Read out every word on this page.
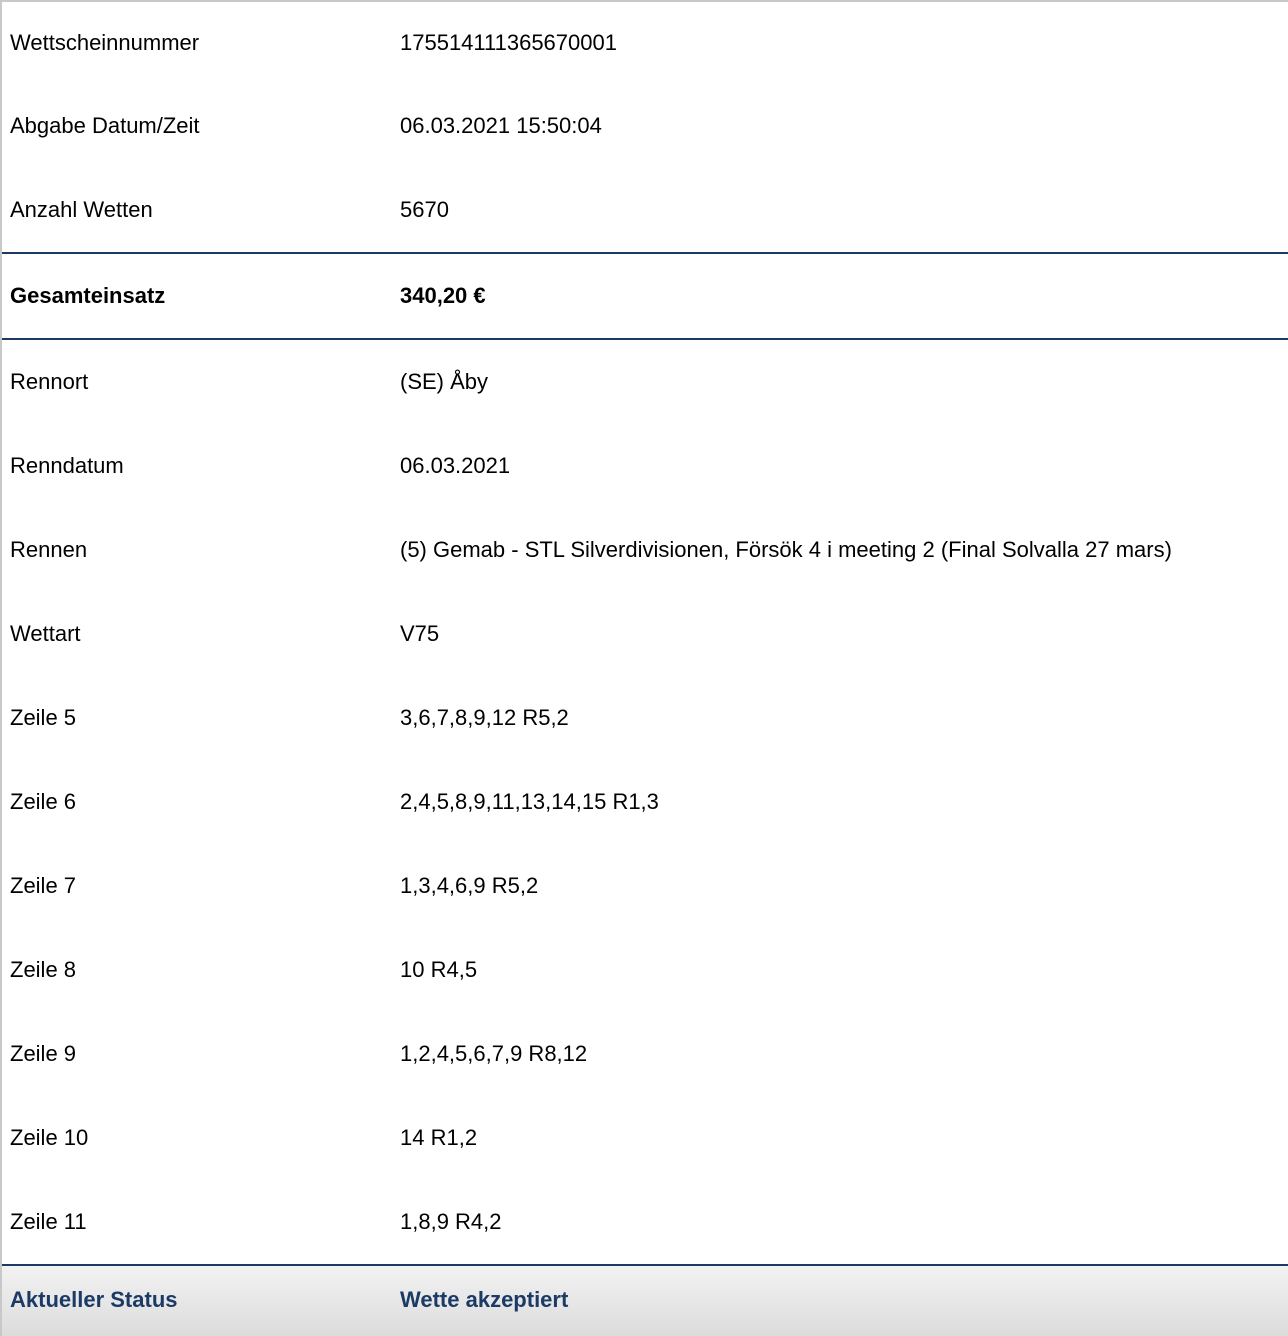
Wettscheinnummer	175514111365670001
Abgabe Datum/Zeit	06.03.2021 15:50:04
Anzahl Wetten	5670
Gesamteinsatz	340,20 €
Rennort	(SE) Åby
Renndatum	06.03.2021
Rennen	(5) Gemab - STL Silverdivisionen, Försök 4 i meeting 2 (Final Solvalla 27 mars)
Wettart	V75
Zeile 5	3,6,7,8,9,12 R5,2
Zeile 6	2,4,5,8,9,11,13,14,15 R1,3
Zeile 7	1,3,4,6,9 R5,2
Zeile 8	10 R4,5
Zeile 9	1,2,4,5,6,7,9 R8,12
Zeile 10	14 R1,2
Zeile 11	1,8,9 R4,2
Aktueller Status	Wette akzeptiert
